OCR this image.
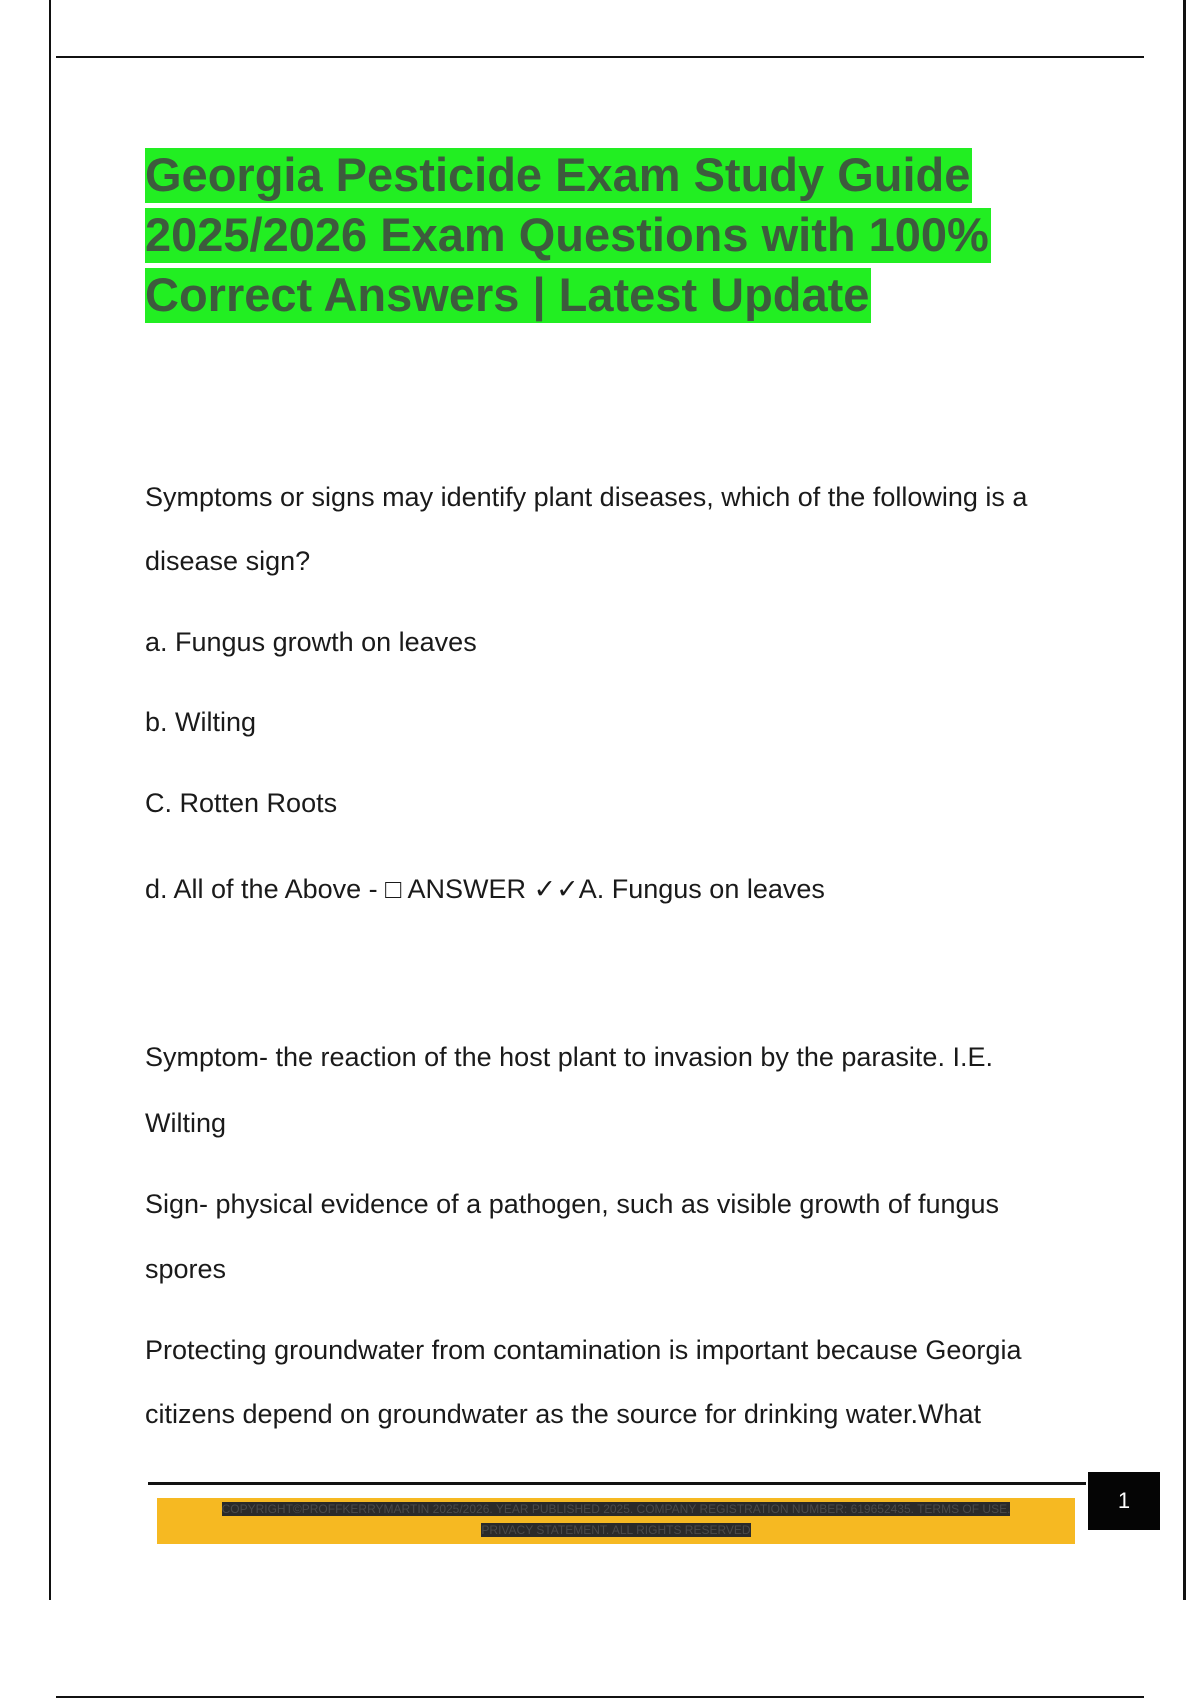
Georgia Pesticide Exam Study Guide
2025/2026 Exam Questions with 100%
Correct Answers | Latest Update

Symptoms or signs may identify plant diseases, which of the following is a

disease sign?

a. Fungus growth on leaves

b. Wilting

C. Rotten Roots

d. All of the Above - □ ANSWER ✓✓A. Fungus on leaves

Symptom- the reaction of the host plant to invasion by the parasite. I.E.

Wilting

Sign- physical evidence of a pathogen, such as visible growth of fungus

spores

Protecting groundwater from contamination is important because Georgia

citizens depend on groundwater as the source for drinking water.What

1
COPYRIGHT©PROFFKERRYMARTIN 2025/2026. YEAR PUBLISHED 2025. COMPANY REGISTRATION NUMBER: 619652435. TERMS OF USE.
PRIVACY STATEMENT. ALL RIGHTS RESERVED
